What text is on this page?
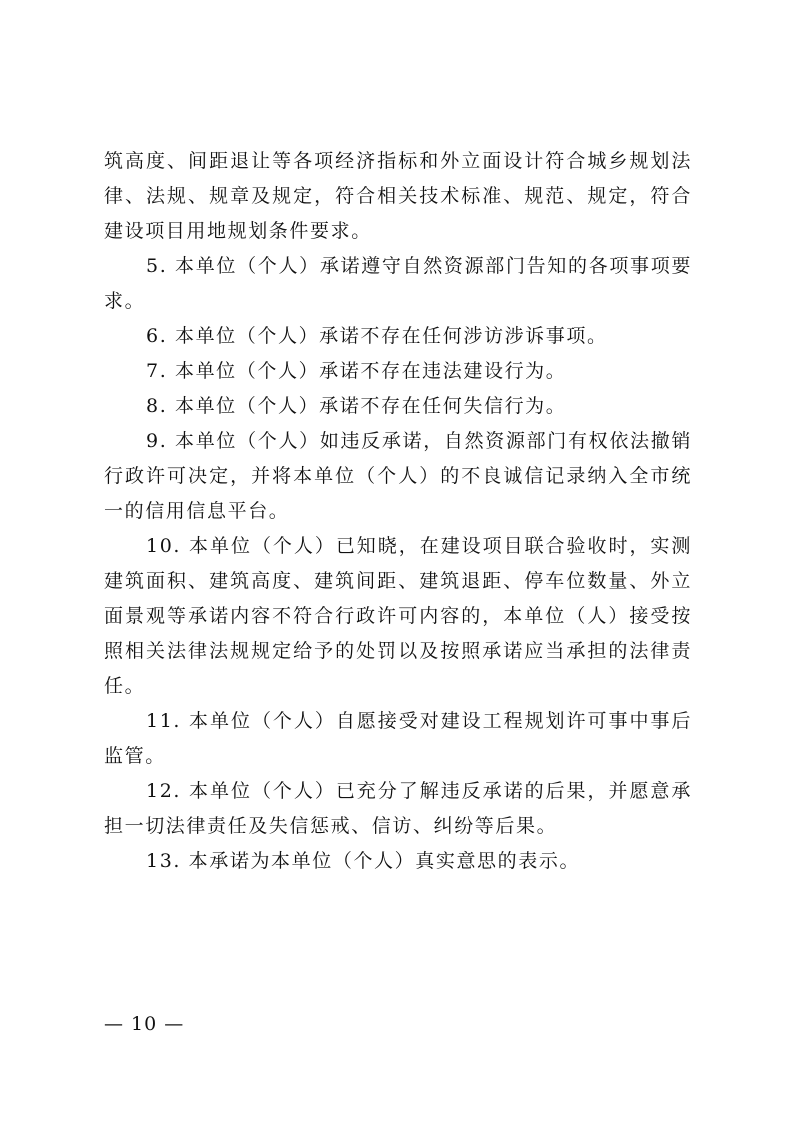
筑高度、间距退让等各项经济指标和外立面设计符合城乡规划法律、法规、规章及规定，符合相关技术标准、规范、规定，符合建设项目用地规划条件要求。

5. 本单位（个人）承诺遵守自然资源部门告知的各项事项要求。

6. 本单位（个人）承诺不存在任何涉访涉诉事项。

7. 本单位（个人）承诺不存在违法建设行为。

8. 本单位（个人）承诺不存在任何失信行为。

9. 本单位（个人）如违反承诺，自然资源部门有权依法撤销行政许可决定，并将本单位（个人）的不良诚信记录纳入全市统一的信用信息平台。

10. 本单位（个人）已知晓，在建设项目联合验收时，实测建筑面积、建筑高度、建筑间距、建筑退距、停车位数量、外立面景观等承诺内容不符合行政许可内容的，本单位（人）接受按照相关法律法规规定给予的处罚以及按照承诺应当承担的法律责任。

11. 本单位（个人）自愿接受对建设工程规划许可事中事后监管。

12. 本单位（个人）已充分了解违反承诺的后果，并愿意承担一切法律责任及失信惩戒、信访、纠纷等后果。

13. 本承诺为本单位（个人）真实意思的表示。

— 10 —
